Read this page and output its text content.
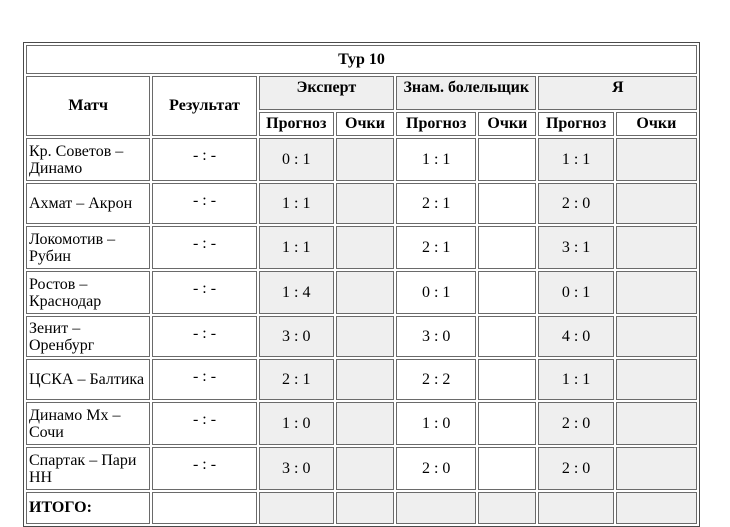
Тур 10							
Матч	Результат	Эксперт		Знам. болельщик		Я	
		Прогноз	Очки	Прогноз	Очки	Прогноз	Очки
Кр. Советов – Динамо	- : -	0 : 1		1 : 1		1 : 1	
Ахмат – Акрон	- : -	1 : 1		2 : 1		2 : 0	
Локомотив – Рубин	- : -	1 : 1		2 : 1		3 : 1	
Ростов – Краснодар	- : -	1 : 4		0 : 1		0 : 1	
Зенит – Оренбург	- : -	3 : 0		3 : 0		4 : 0	
ЦСКА – Балтика	- : -	2 : 1		2 : 2		1 : 1	
Динамо Мх – Сочи	- : -	1 : 0		1 : 0		2 : 0	
Спартак – Пари НН	- : -	3 : 0		2 : 0		2 : 0	
ИТОГО:							
